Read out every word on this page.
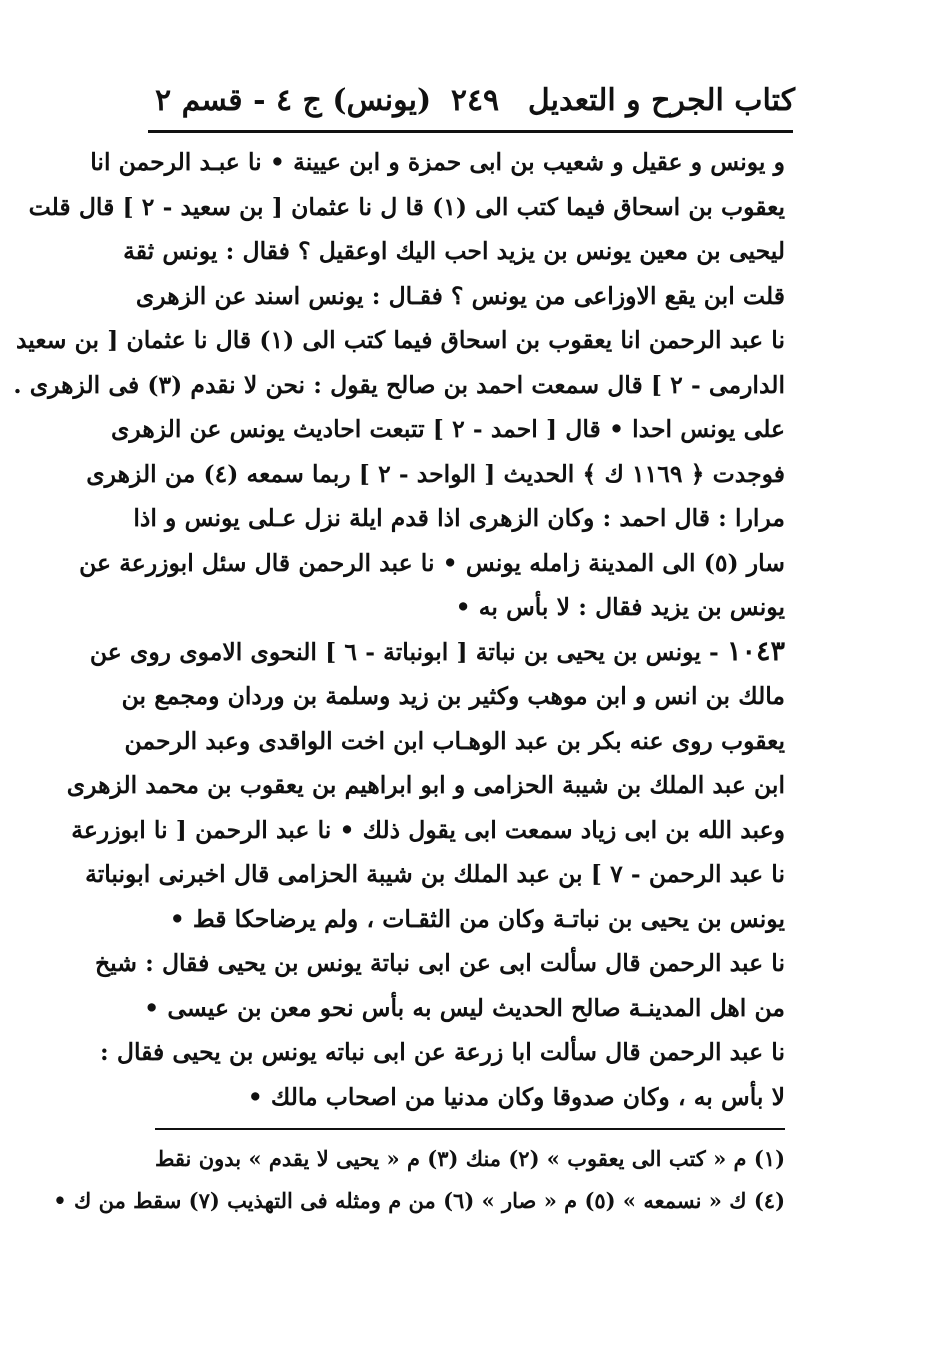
كتاب الجرح و التعديل
٢٤٩
(يونس) ج ٤ - قسم ٢
و يونس و عقيل و شعيب بن ابى حمزة و ابن عيينة • نا عبـد الرحمن انا
يعقوب بن اسحاق فيما كتب الى (١) قا ل نا عثمان [ بن سعيد - ٢ ] قال قلت
ليحيى بن معين يونس بن يزيد احب اليك اوعقيل ؟ فقال : يونس ثقة
قلت ابن يقع الاوزاعى من يونس ؟ فقـال : يونس اسند عن الزهرى
نا عبد الرحمن انا يعقوب بن اسحاق فيما كتب الى (١) قال نا عثمان [ بن سعيد
الدارمى - ٢ ] قال سمعت احمد بن صالح يقول : نحن لا نقدم (٣) فى الزهرى .
على يونس احدا • قال [ احمد - ٢ ] تتبعت احاديث يونس عن الزهرى
فوجدت ﴿ ١١٦٩ ك ﴾ الحديث [ الواحد - ٢ ] ربما سمعه (٤) من الزهرى
مرارا : قال احمد : وكان الزهرى اذا قدم ايلة نزل عـلى يونس و اذا
سار (٥) الى المدينة زامله يونس • نا عبد الرحمن قال سئل ابوزرعة عن
يونس بن يزيد فقال : لا بأس به •
١٠٤٣ - يونس بن يحيى بن نباتة [ ابونباتة - ٦ ] النحوى الاموى روى عن
مالك بن انس و ابن موهب وكثير بن زيد وسلمة بن وردان ومجمع بن
يعقوب روى عنه بكر بن عبد الوهـاب ابن اخت الواقدى وعبد الرحمن
ابن عبد الملك بن شيبة الحزامى و ابو ابراهيم بن يعقوب بن محمد الزهرى
وعبد الله بن ابى زياد سمعت ابى يقول ذلك • نا عبد الرحمن [ نا ابوزرعة
نا عبد الرحمن - ٧ ] بن عبد الملك بن شيبة الحزامى قال اخبرنى ابونباتة
يونس بن يحيى بن نباتـة وكان من الثقـات ، ولم يرضاحكا قط •
نا عبد الرحمن قال سألت ابى عن ابى نباتة يونس بن يحيى فقال : شيخ
من اهل المدينـة صالح الحديث ليس به بأس نحو معن بن عيسى •
نا عبد الرحمن قال سألت ابا زرعة عن ابى نباته يونس بن يحيى فقال :
لا بأس به ، وكان صدوقا وكان مدنيا من اصحاب مالك •
(١) م « كتب الى يعقوب » (٢) منك (٣) م « يحيى لا يقدم » بدون نقط
(٤) ك « نسمعه » (٥) م « صار » (٦) من م ومثله فى التهذيب (٧) سقط من ك •
